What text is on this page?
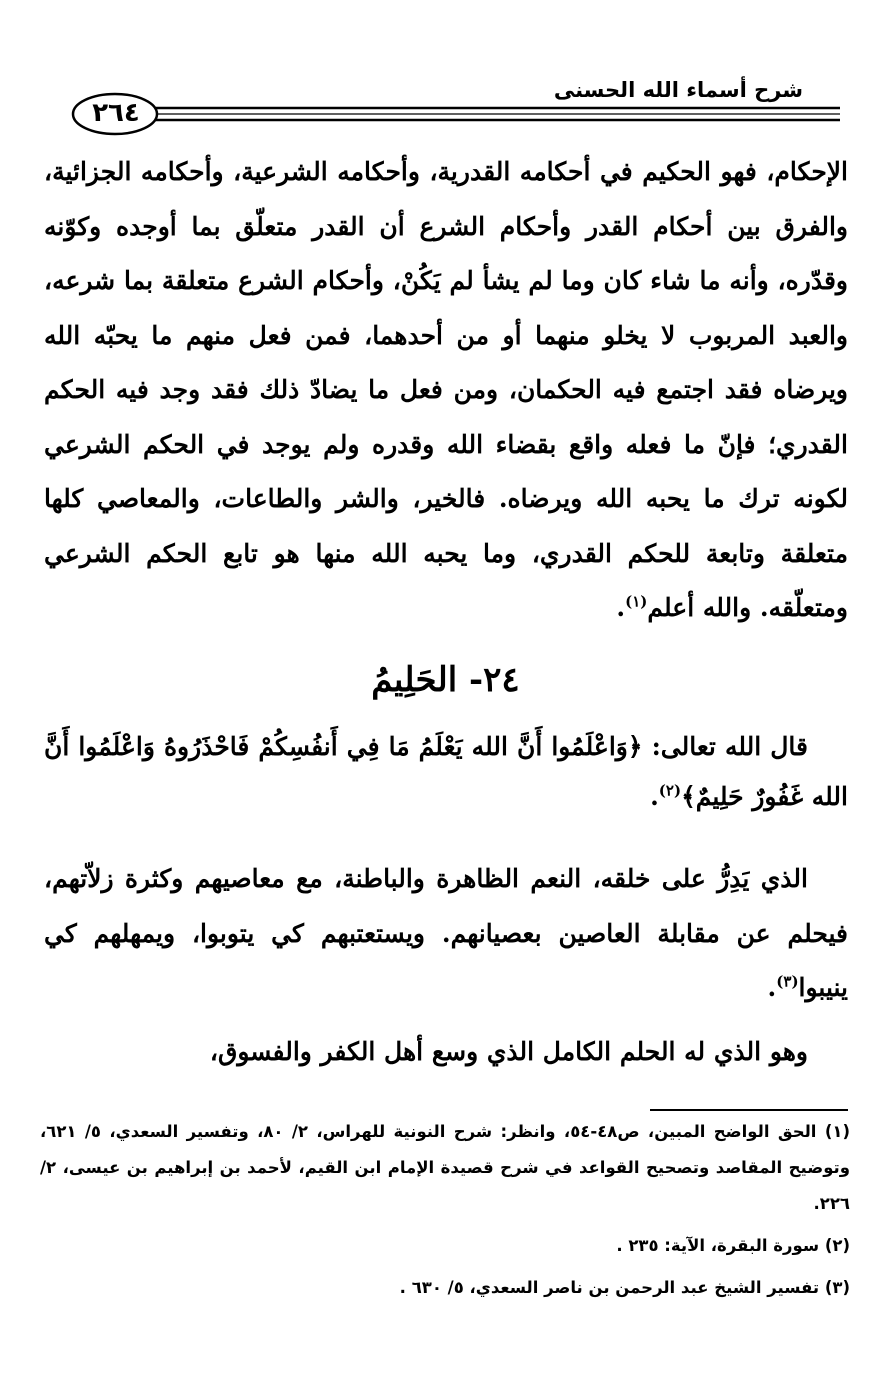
شرح أسماء الله الحسنى
٢٦٤
الإحكام، فهو الحكيم في أحكامه القدرية، وأحكامه الشرعية، وأحكامه الجزائية، والفرق بين أحكام القدر وأحكام الشرع أن القدر متعلّق بما أوجده وكوّنه وقدّره، وأنه ما شاء كان وما لم يشأ لم يَكُنْ، وأحكام الشرع متعلقة بما شرعه، والعبد المربوب لا يخلو منهما أو من أحدهما، فمن فعل منهم ما يحبّه الله ويرضاه فقد اجتمع فيه الحكمان، ومن فعل ما يضادّ ذلك فقد وجد فيه الحكم القدري؛ فإنّ ما فعله واقع بقضاء الله وقدره ولم يوجد في الحكم الشرعي لكونه ترك ما يحبه الله ويرضاه. فالخير، والشر والطاعات، والمعاصي كلها متعلقة وتابعة للحكم القدري، وما يحبه الله منها هو تابع الحكم الشرعي ومتعلّقه. والله أعلم$^{(١)}$.
٢٤- الحَلِيمُ
قال الله تعالى: ﴿وَاعْلَمُوا أَنَّ الله يَعْلَمُ مَا فِي أَنفُسِكُمْ فَاحْذَرُوهُ وَاعْلَمُوا أَنَّ الله غَفُورٌ حَلِيمٌ﴾$^{(٢)}$.
الذي يَدِرُّ على خلقه، النعم الظاهرة والباطنة، مع معاصيهم وكثرة زلاّتهم، فيحلم عن مقابلة العاصين بعصيانهم. ويستعتبهم كي يتوبوا، ويمهلهم كي ينيبوا$^{(٣)}$.
وهو الذي له الحلم الكامل الذي وسع أهل الكفر والفسوق،

(١) الحق الواضح المبين، ص٤٨-٥٤، وانظر: شرح النونية للهراس، ٢/ ٨٠، وتفسير السعدي، ٥/ ٦٢١، وتوضيح المقاصد وتصحيح القواعد في شرح قصيدة الإمام ابن القيم، لأحمد بن إبراهيم بن عيسى، ٢/ ٢٢٦.

(٢) سورة البقرة، الآية: ٢٣٥ .

(٣) تفسير الشيخ عبد الرحمن بن ناصر السعدي، ٥/ ٦٣٠ .
